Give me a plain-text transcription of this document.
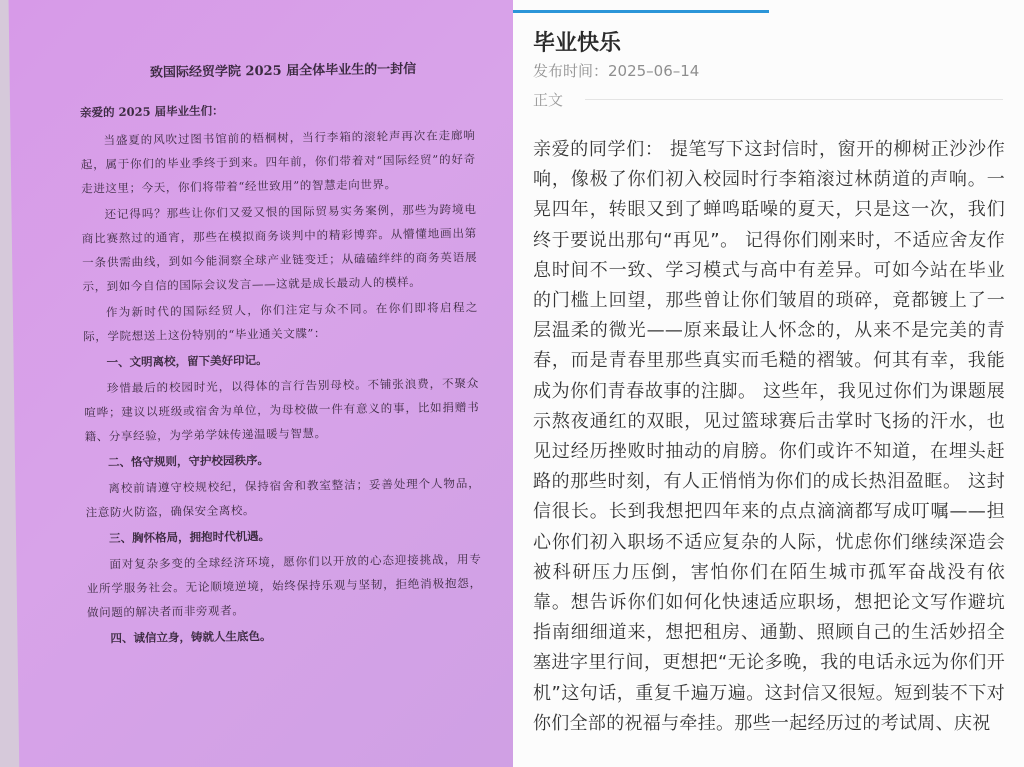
致国际经贸学院 2025 届全体毕业生的一封信
亲爱的 2025 届毕业生们：

当盛夏的风吹过图书馆前的梧桐树，当行李箱的滚轮声再次在走廊响起，属于你们的毕业季终于到来。四年前，你们带着对“国际经贸”的好奇走进这里；今天，你们将带着“经世致用”的智慧走向世界。

还记得吗？那些让你们又爱又恨的国际贸易实务案例，那些为跨境电商比赛熬过的通宵，那些在模拟商务谈判中的精彩博弈。从懵懂地画出第一条供需曲线，到如今能洞察全球产业链变迁；从磕磕绊绊的商务英语展示，到如今自信的国际会议发言——这就是成长最动人的模样。

作为新时代的国际经贸人，你们注定与众不同。在你们即将启程之际，学院想送上这份特别的“毕业通关文牒”：

一、文明离校，留下美好印记。

珍惜最后的校园时光，以得体的言行告别母校。不铺张浪费，不聚众喧哗；建议以班级或宿舍为单位，为母校做一件有意义的事，比如捐赠书籍、分享经验，为学弟学妹传递温暖与智慧。

二、恪守规则，守护校园秩序。

离校前请遵守校规校纪，保持宿舍和教室整洁；妥善处理个人物品，注意防火防盗，确保安全离校。

三、胸怀格局，拥抱时代机遇。

面对复杂多变的全球经济环境，愿你们以开放的心态迎接挑战，用专业所学服务社会。无论顺境逆境，始终保持乐观与坚韧，拒绝消极抱怨，做问题的解决者而非旁观者。

四、诚信立身，铸就人生底色。
毕业快乐
发布时间：2025–06–14
正文
亲爱的同学们： 提笔写下这封信时，窗开的柳树正沙沙作响，像极了你们初入校园时行李箱滚过林荫道的声响。一晃四年，转眼又到了蝉鸣聒噪的夏天，只是这一次，我们终于要说出那句“再见”。 记得你们刚来时，不适应舍友作息时间不一致、学习模式与高中有差异。可如今站在毕业的门槛上回望，那些曾让你们皱眉的琐碎，竟都镀上了一层温柔的微光——原来最让人怀念的，从来不是完美的青春，而是青春里那些真实而毛糙的褶皱。何其有幸，我能成为你们青春故事的注脚。 这些年，我见过你们为课题展示熬夜通红的双眼，见过篮球赛后击掌时飞扬的汗水，也见过经历挫败时抽动的肩膀。你们或许不知道，在埋头赶路的那些时刻，有人正悄悄为你们的成长热泪盈眶。 这封信很长。长到我想把四年来的点点滴滴都写成叮嘱——担心你们初入职场不适应复杂的人际，忧虑你们继续深造会被科研压力压倒，害怕你们在陌生城市孤军奋战没有依靠。想告诉你们如何化快速适应职场，想把论文写作避坑指南细细道来，想把租房、通勤、照顾自己的生活妙招全塞进字里行间，更想把“无论多晚，我的电话永远为你们开机”这句话，重复千遍万遍。这封信又很短。短到装不下对你们全部的祝福与牵挂。那些一起经历过的考试周、庆祝
